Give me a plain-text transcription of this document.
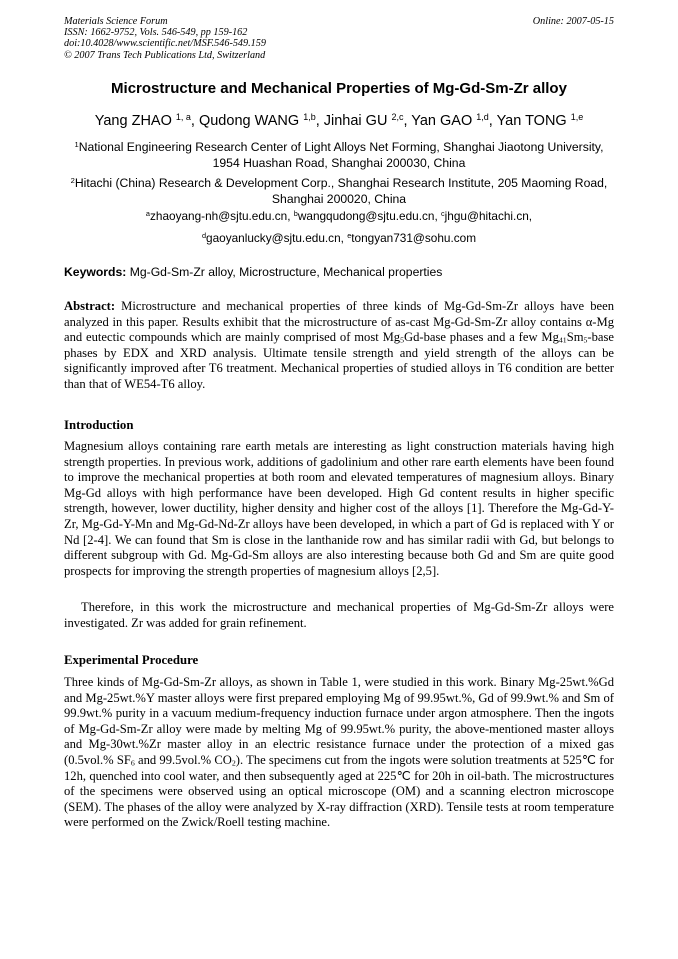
Materials Science Forum
ISSN: 1662-9752, Vols. 546-549, pp 159-162
doi:10.4028/www.scientific.net/MSF.546-549.159
© 2007 Trans Tech Publications Ltd, Switzerland
Online: 2007-05-15
Microstructure and Mechanical Properties of Mg-Gd-Sm-Zr alloy
Yang ZHAO $^{1, a}$, Qudong WANG $^{1,b}$, Jinhai GU $^{2,c}$, Yan GAO $^{1,d}$, Yan TONG $^{1,e}$
$^1$National Engineering Research Center of Light Alloys Net Forming, Shanghai Jiaotong University, 1954 Huashan Road, Shanghai 200030, China
$^2$Hitachi (China) Research & Development Corp., Shanghai Research Institute, 205 Maoming Road, Shanghai 200020, China
$^a$zhaoyang-nh@sjtu.edu.cn, $^b$wangqudong@sjtu.edu.cn, $^c$jhgu@hitachi.cn,
$^d$gaoyanlucky@sjtu.edu.cn, $^e$tongyan731@sohu.com
Keywords: Mg-Gd-Sm-Zr alloy, Microstructure, Mechanical properties
Abstract: Microstructure and mechanical properties of three kinds of Mg-Gd-Sm-Zr alloys have been analyzed in this paper. Results exhibit that the microstructure of as-cast Mg-Gd-Sm-Zr alloy contains α-Mg and eutectic compounds which are mainly comprised of most $Mg_5Gd$-base phases and a few $Mg_{41}Sm_5$-base phases by EDX and XRD analysis. Ultimate tensile strength and yield strength of the alloys can be significantly improved after T6 treatment. Mechanical properties of studied alloys in T6 condition are better than that of WE54-T6 alloy.
Introduction
Magnesium alloys containing rare earth metals are interesting as light construction materials having high strength properties. In previous work, additions of gadolinium and other rare earth elements have been found to improve the mechanical properties at both room and elevated temperatures of magnesium alloys. Binary Mg-Gd alloys with high performance have been developed. High Gd content results in higher specific strength, however, lower ductility, higher density and higher cost of the alloys [1]. Therefore the Mg-Gd-Y-Zr, Mg-Gd-Y-Mn and Mg-Gd-Nd-Zr alloys have been developed, in which a part of Gd is replaced with Y or Nd [2-4]. We can found that Sm is close in the lanthanide row and has similar radii with Gd, but belongs to different subgroup with Gd. Mg-Gd-Sm alloys are also interesting because both Gd and Sm are quite good prospects for improving the strength properties of magnesium alloys [2,5].
Therefore, in this work the microstructure and mechanical properties of Mg-Gd-Sm-Zr alloys were investigated. Zr was added for grain refinement.
Experimental Procedure
Three kinds of Mg-Gd-Sm-Zr alloys, as shown in Table 1, were studied in this work. Binary Mg-25wt.%Gd and Mg-25wt.%Y master alloys were first prepared employing Mg of 99.95wt.%, Gd of 99.9wt.% and Sm of 99.9wt.% purity in a vacuum medium-frequency induction furnace under argon atmosphere. Then the ingots of Mg-Gd-Sm-Zr alloy were made by melting Mg of 99.95wt.% purity, the above-mentioned master alloys and Mg-30wt.%Zr master alloy in an electric resistance furnace under the protection of a mixed gas (0.5vol.% $SF_6$ and 99.5vol.% $CO_2$). The specimens cut from the ingots were solution treatments at 525℃ for 12h, quenched into cool water, and then subsequently aged at 225℃ for 20h in oil-bath. The microstructures of the specimens were observed using an optical microscope (OM) and a scanning electron microscope (SEM). The phases of the alloy were analyzed by X-ray diffraction (XRD). Tensile tests at room temperature were performed on the Zwick/Roell testing machine.
